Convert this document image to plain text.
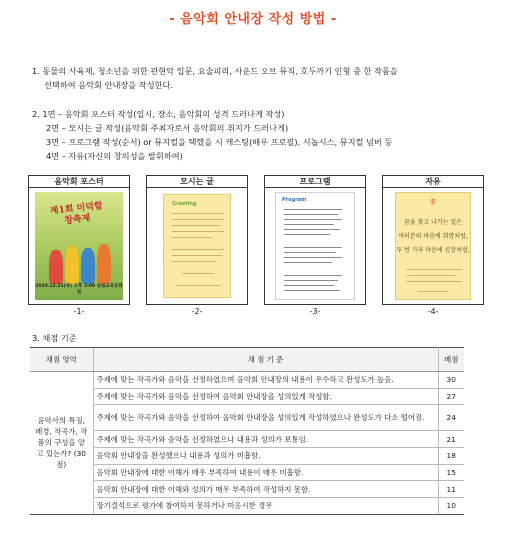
- 음악회 안내장 작성 방법 -
1. 동물의 사육제, 청소년을 위한 관현악 입문, 요술피리, 사운드 오브 뮤직, 호두까기 인형 중 한 작품을
선택하여 음악회 안내장을 작성한다.
2. 1면 – 음악회 포스터 작성(일시, 장소, 음악회의 성격 드러나게 작성)
2면 – 모시는 글 작성(음악회 주최자로서 음악회의 취지가 드러나게)
3면 – 프로그램 작성(순서) or 뮤지컬을 택했을 시 캐스팅(배우 프로필), 시놉시스, 뮤지컬 넘버 등
4면 – 자유(자신의 창의성을 발휘하여)
음악회 포스터
제1회 미덕합창축제
2020.12.21(목) 오후 3:00 송림교육문화원
-1-
모시는 글
Greeting
-2-
프로그램
Program
-3-
자유
꿈
꿈을 찾고 나가는 일은
여러분의 마음에 희망처럼,
두 번 가자 마음에 심장처럼.
-4-
3. 채점 기준
채점 영역	채 점 기 준	배점
음악사의 특징, 배경, 작곡가, 작품의 구성을 알고 있는가? (30점)	주제에 맞는 작곡가와 음악을 선정하였으며 음악회 안내장의 내용이 우수하고 완성도가 높음.	30
	주제에 맞는 작곡가와 음악을 선정하여 음악회 안내장을 성의있게 작성함.	27
	주제에 맞는 작곡가와 음악을 선정하여 음악회 안내장을 성의있게 작성하였으나 완성도가 다소 떨어짐.	24
	주제에 맞는 작곡가와 음악을 선정하였으나 내용과 성의가 보통임.	21
	음악회 안내장을 완성했으나 내용과 성의가 미흡함.	18
	음악회 안내장에 대한 이해가 매우 부족하여 내용이 매우 미흡함.	15
	음악회 안내장에 대한 이해와 성의가 매우 부족하여 작성하지 못함.	11
	장기결석으로 평가에 참여하지 못하거나 미응시한 경우	10
